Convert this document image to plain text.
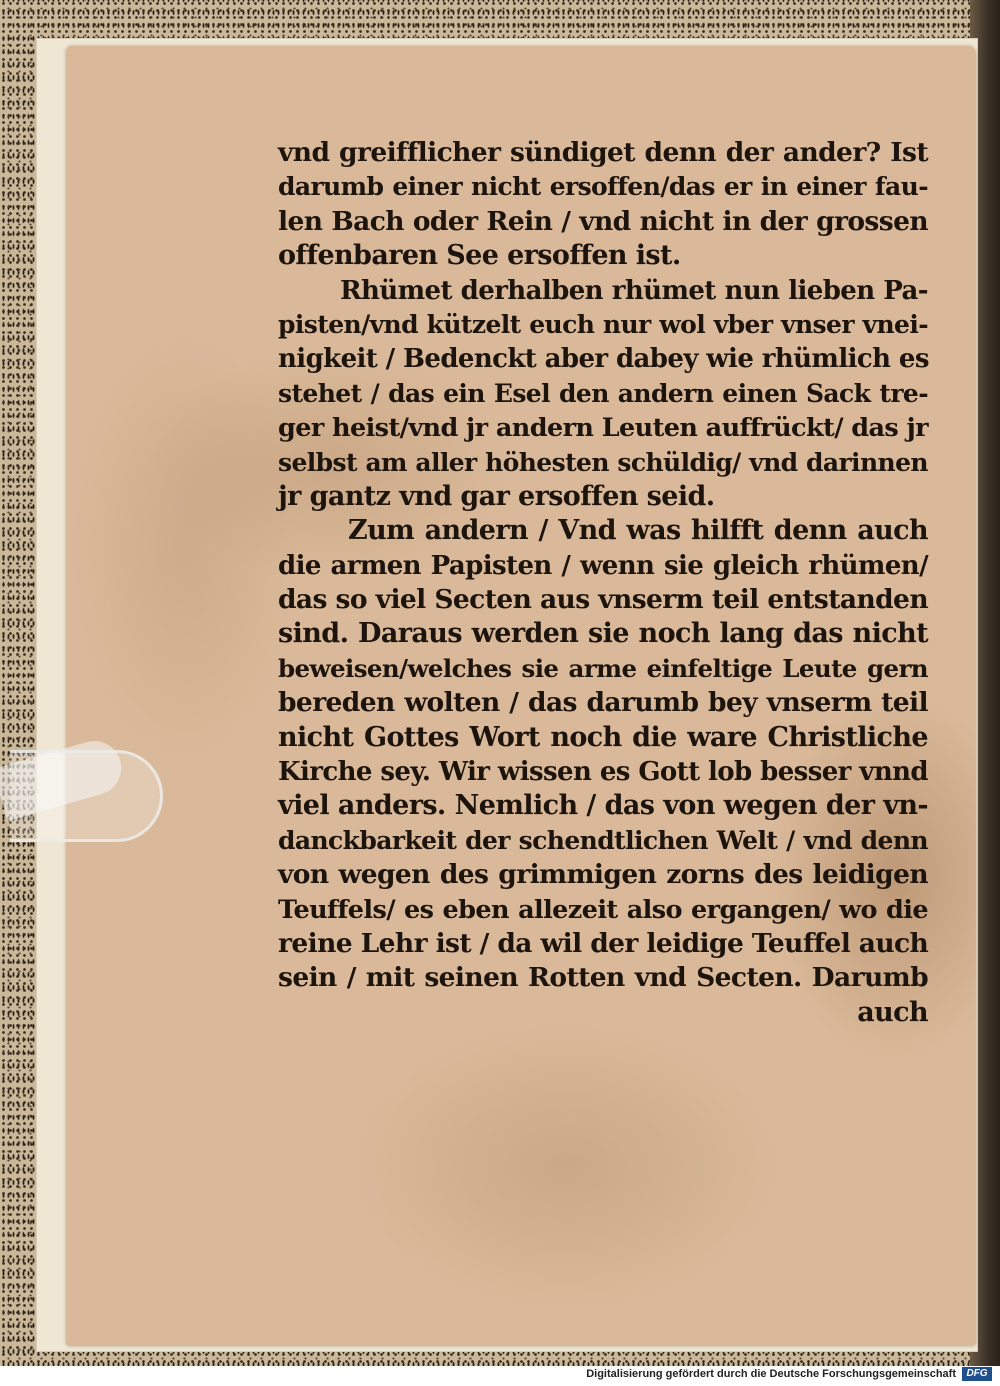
vnd greifflicher sündiget denn der ander? Ist
darumb einer nicht ersoffen/das er in einer fau-
len Bach oder Rein / vnd nicht in der grossen
offenbaren See ersoffen ist.
Rhümet derhalben rhümet nun lieben Pa-
pisten/vnd kützelt euch nur wol vber vnser vnei-
nigkeit / Bedenckt aber dabey wie rhümlich es
stehet / das ein Esel den andern einen Sack tre-
ger heist/vnd jr andern Leuten auffrückt/ das jr
selbst am aller höhesten schüldig/ vnd darinnen
jr gantz vnd gar ersoffen seid.
Zum andern / Vnd was hilfft denn auch
die armen Papisten / wenn sie gleich rhümen/
das so viel Secten aus vnserm teil entstanden
sind. Daraus werden sie noch lang das nicht
beweisen/welches sie arme einfeltige Leute gern
bereden wolten / das darumb bey vnserm teil
nicht Gottes Wort noch die ware Christliche
Kirche sey. Wir wissen es Gott lob besser vnnd
viel anders. Nemlich / das von wegen der vn-
danckbarkeit der schendtlichen Welt / vnd denn
von wegen des grimmigen zorns des leidigen
Teuffels/ es eben allezeit also ergangen/ wo die
reine Lehr ist / da wil der leidige Teuffel auch
sein / mit seinen Rotten vnd Secten. Darumb
auch
Digitalisierung gefördert durch die Deutsche Forschungsgemeinschaft	DFG
